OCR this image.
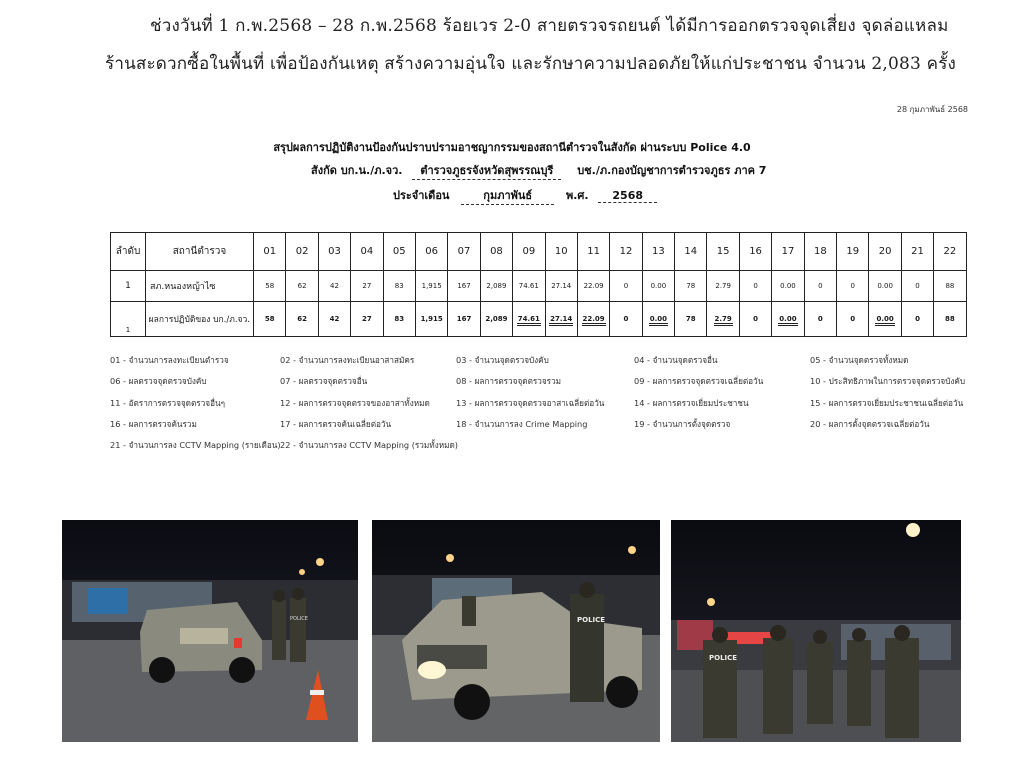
ช่วงวันที่ 1 ก.พ.2568 – 28 ก.พ.2568 ร้อยเวร 2-0 สายตรวจรถยนต์ ได้มีการออกตรวจจุดเสี่ยง จุดล่อแหลม
ร้านสะดวกซื้อในพื้นที่ เพื่อป้องกันเหตุ สร้างความอุ่นใจ และรักษาความปลอดภัยให้แก่ประชาชน จำนวน 2,083 ครั้ง
28 กุมภาพันธ์ 2568
สรุปผลการปฏิบัติงานป้องกันปราบปรามอาชญากรรมของสถานีตำรวจในสังกัด ผ่านระบบ Police 4.0
สังกัด บก.น./ภ.จว. ตำรวจภูธรจังหวัดสุพรรณบุรี บช./ภ.กองบัญชาการตำรวจภูธร ภาค 7
ประจำเดือน	กุมภาพันธ์	พ.ศ. 2568
ลำดับ	สถานีตำรวจ	01	02	03	04	05	06	07	08	09	10	11	12	13	14	15	16	17	18	19	20	21	22
1	สภ.หนองหญ้าไซ	58	62	42	27	83	1,915	167	2,089	74.61	27.14	22.09	0	0.00	78	2.79	0	0.00	0	0	0.00	0	88
1	ผลการปฏิบัติของ บก./ภ.จว.	58	62	42	27	83	1,915	167	2,089	74.61	27.14	22.09	0	0.00	78	2.79	0	0.00	0	0	0.00	0	88
01 - จำนวนการลงทะเบียนตำรวจ	02 - จำนวนการลงทะเบียนอาสาสมัคร	03 - จำนวนจุดตรวจบังคับ	04 - จำนวนจุดตรวจอื่น	05 - จำนวนจุดตรวจทั้งหมด
06 - ผลตรวจจุดตรวจบังคับ	07 - ผลตรวจจุดตรวจอื่น	08 - ผลการตรวจจุดตรวจรวม	09 - ผลการตรวจจุดตรวจเฉลี่ยต่อวัน	10 - ประสิทธิภาพในการตรวจจุดตรวจบังคับ
11 - อัตราการตรวจจุดตรวจอื่นๆ	12 - ผลการตรวจจุดตรวจของอาสาทั้งหมด	13 - ผลการตรวจจุดตรวจอาสาเฉลี่ยต่อวัน	14 - ผลการตรวจเยี่ยมประชาชน	15 - ผลการตรวจเยี่ยมประชาชนเฉลี่ยต่อวัน
16 - ผลการตรวจค้นรวม	17 - ผลการตรวจค้นเฉลี่ยต่อวัน	18 - จำนวนการลง Crime Mapping	19 - จำนวนการตั้งจุดตรวจ	20 - ผลการตั้งจุดตรวจเฉลี่ยต่อวัน
21 - จำนวนการลง CCTV Mapping (รายเดือน) 22 - จำนวนการลง CCTV Mapping (รวมทั้งหมด)
POLICE	POLICE
POLICE
